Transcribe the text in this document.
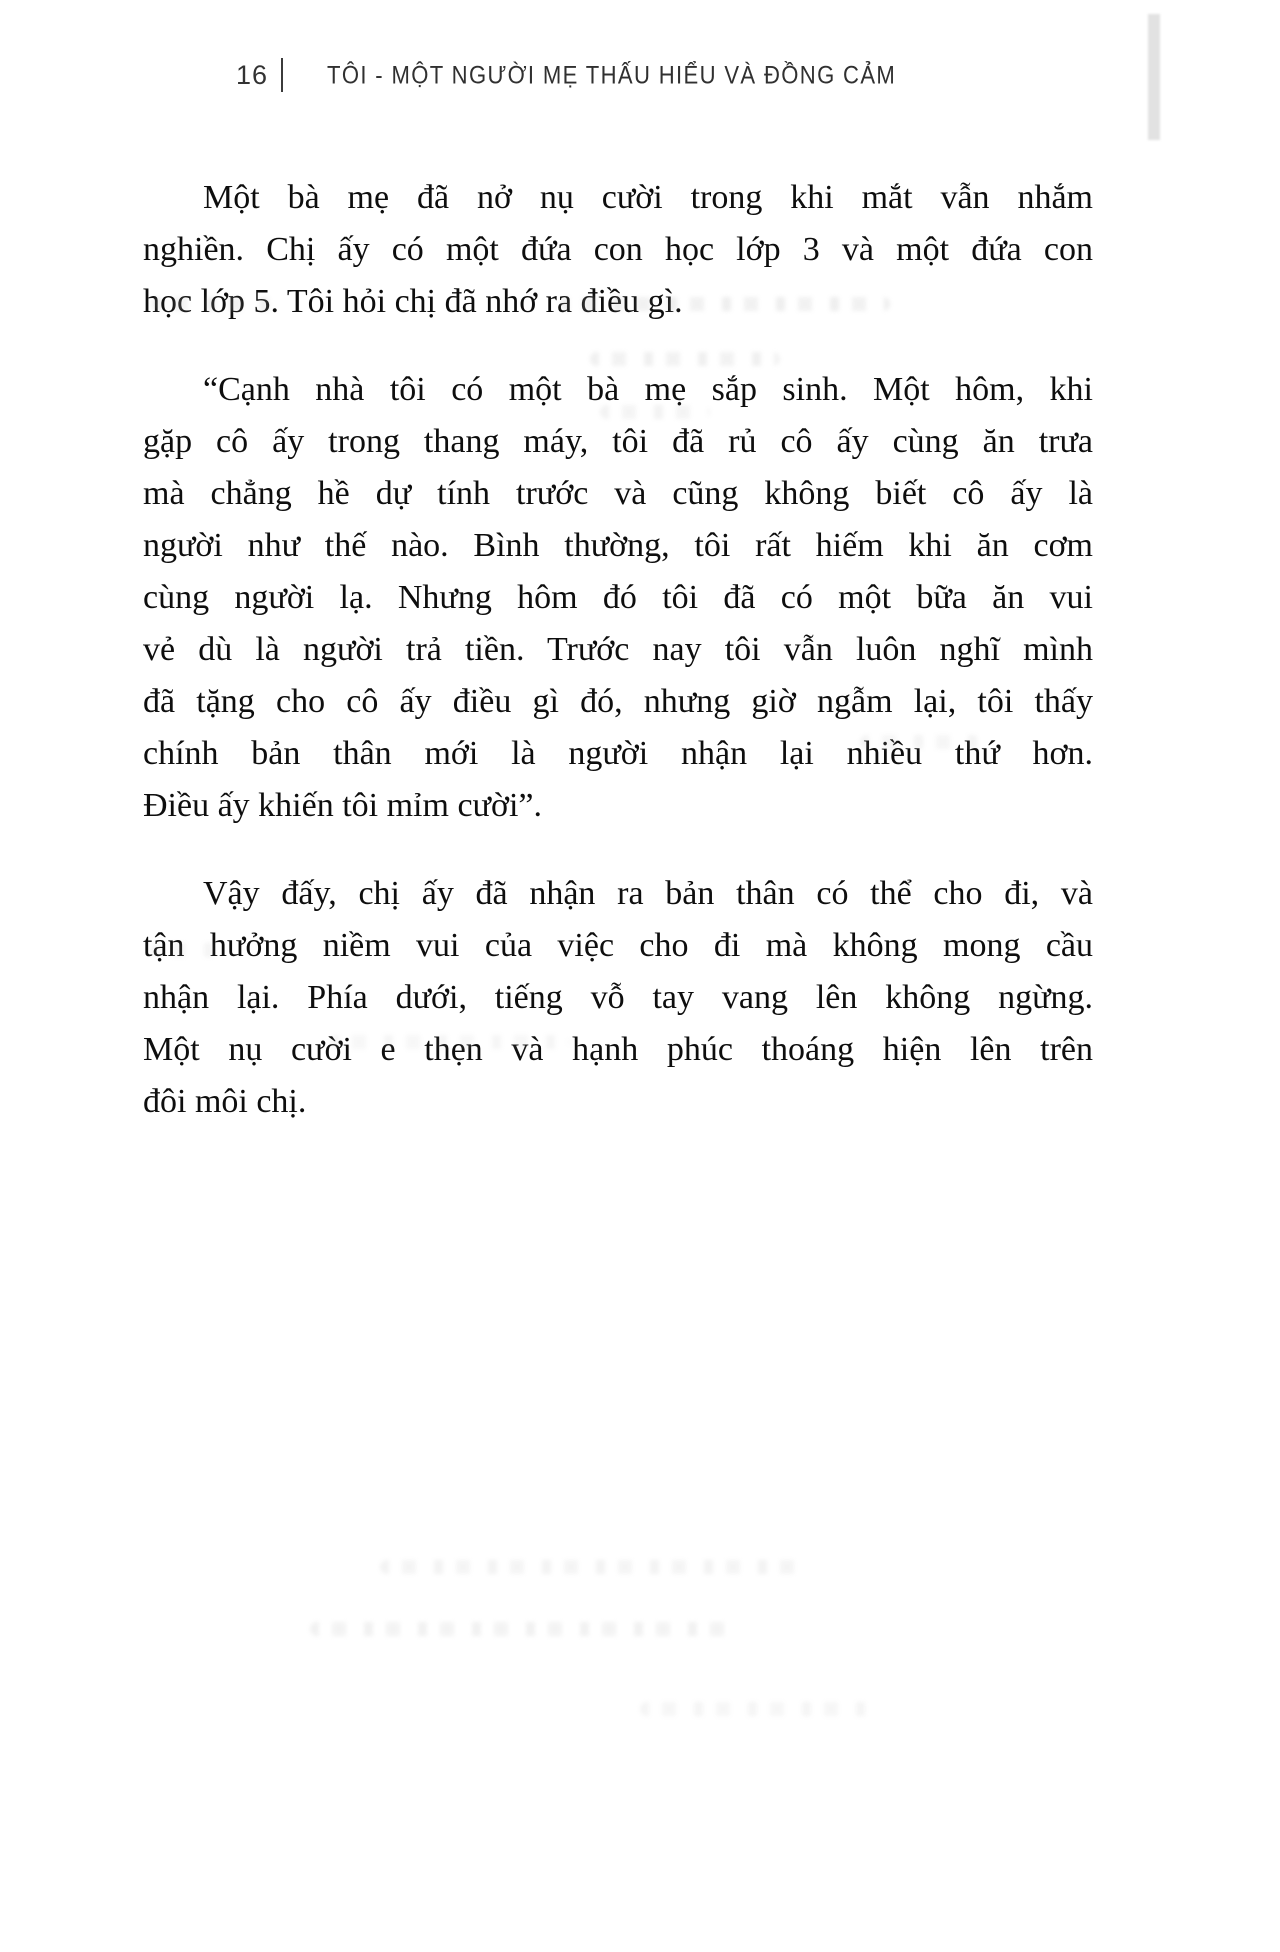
16	TÔI - MỘT NGƯỜI MẸ THẤU HIỂU VÀ ĐỒNG CẢM
Một bà mẹ đã nở nụ cười trong khi mắt vẫn nhắm
nghiền. Chị ấy có một đứa con học lớp 3 và một đứa con
học lớp 5. Tôi hỏi chị đã nhớ ra điều gì.
“Cạnh nhà tôi có một bà mẹ sắp sinh. Một hôm, khi
gặp cô ấy trong thang máy, tôi đã rủ cô ấy cùng ăn trưa
mà chẳng hề dự tính trước và cũng không biết cô ấy là
người như thế nào. Bình thường, tôi rất hiếm khi ăn cơm
cùng người lạ. Nhưng hôm đó tôi đã có một bữa ăn vui
vẻ dù là người trả tiền. Trước nay tôi vẫn luôn nghĩ mình
đã tặng cho cô ấy điều gì đó, nhưng giờ ngẫm lại, tôi thấy
chính bản thân mới là người nhận lại nhiều thứ hơn.
Điều ấy khiến tôi mỉm cười”.
Vậy đấy, chị ấy đã nhận ra bản thân có thể cho đi, và
tận hưởng niềm vui của việc cho đi mà không mong cầu
nhận lại. Phía dưới, tiếng vỗ tay vang lên không ngừng.
Một nụ cười e thẹn và hạnh phúc thoáng hiện lên trên
đôi môi chị.
